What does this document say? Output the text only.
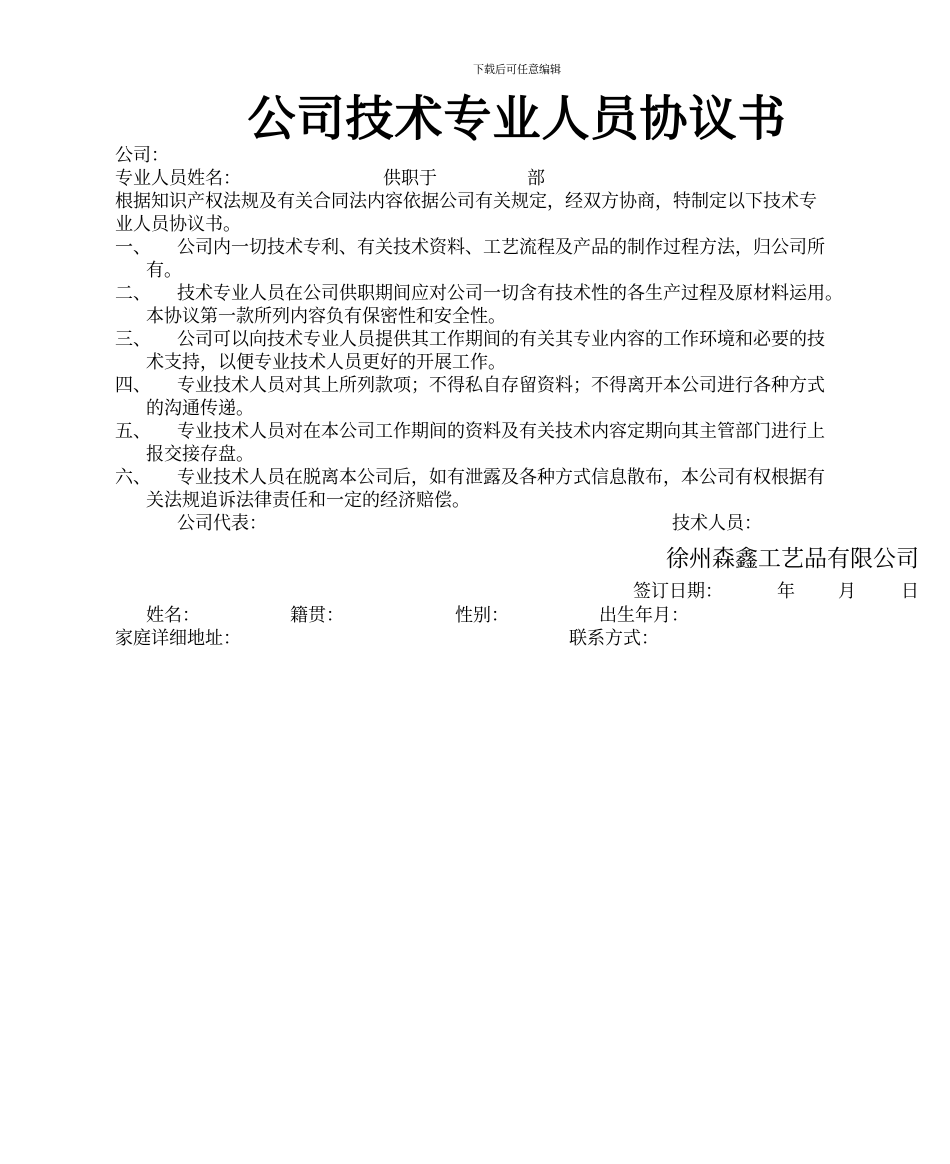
下载后可任意编辑
公司技术专业人员协议书
公司：
专业人员姓名：	供职于	部
根据知识产权法规及有关合同法内容依据公司有关规定，经双方协商，特制定以下技术专
业人员协议书。
一、	公司内一切技术专利、有关技术资料、工艺流程及产品的制作过程方法，归公司所
有。
二、	技术专业人员在公司供职期间应对公司一切含有技术性的各生产过程及原材料运用。
本协议第一款所列内容负有保密性和安全性。
三、	公司可以向技术专业人员提供其工作期间的有关其专业内容的工作环境和必要的技
术支持，以便专业技术人员更好的开展工作。
四、	专业技术人员对其上所列款项；不得私自存留资料；不得离开本公司进行各种方式
的沟通传递。
五、	专业技术人员对在本公司工作期间的资料及有关技术内容定期向其主管部门进行上
报交接存盘。
六、	专业技术人员在脱离本公司后，如有泄露及各种方式信息散布，本公司有权根据有
关法规追诉法律责任和一定的经济赔偿。
公司代表：	技术人员：
徐州森鑫工艺品有限公司
签订日期：	年 月	日
姓名：	籍贯：	性别：	出生年月：
家庭详细地址：	联系方式：
